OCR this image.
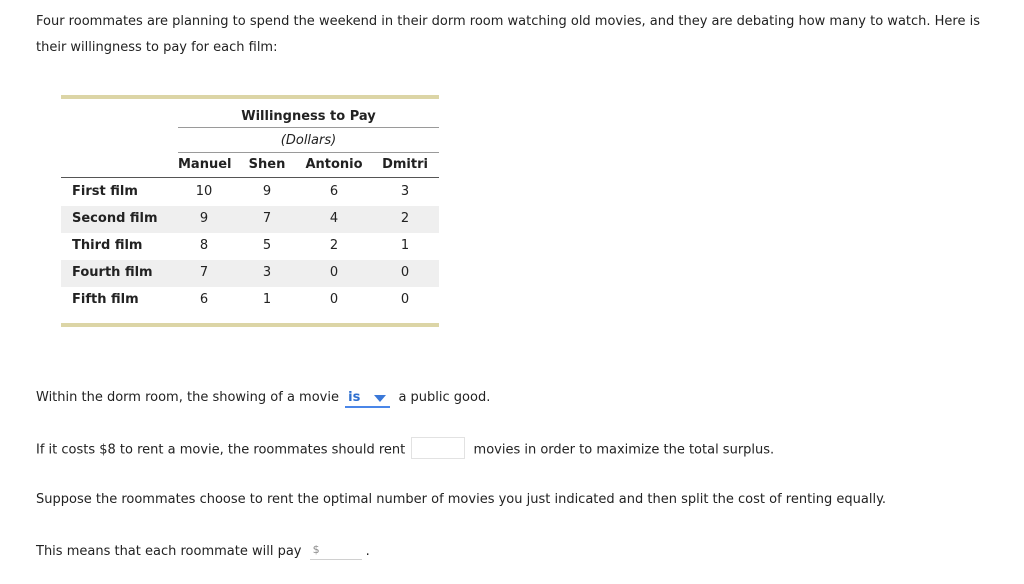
Four roommates are planning to spend the weekend in their dorm room watching old movies, and they are debating how many to watch. Here is their willingness to pay for each film:
Willingness to Pay
(Dollars)
Manuel	Shen	Antonio	Dmitri
First film	10	9	6	3
Second film	9	7	4	2
Third film	8	5	2	1
Fourth film	7	3	0	0
Fifth film	6	1	0	0
Within the dorm room, the showing of a movie is	a public good.
If it costs $8 to rent a movie, the roommates should rent	movies in order to maximize the total surplus.
Suppose the roommates choose to rent the optimal number of movies you just indicated and then split the cost of renting equally.
This means that each roommate will pay $	.
